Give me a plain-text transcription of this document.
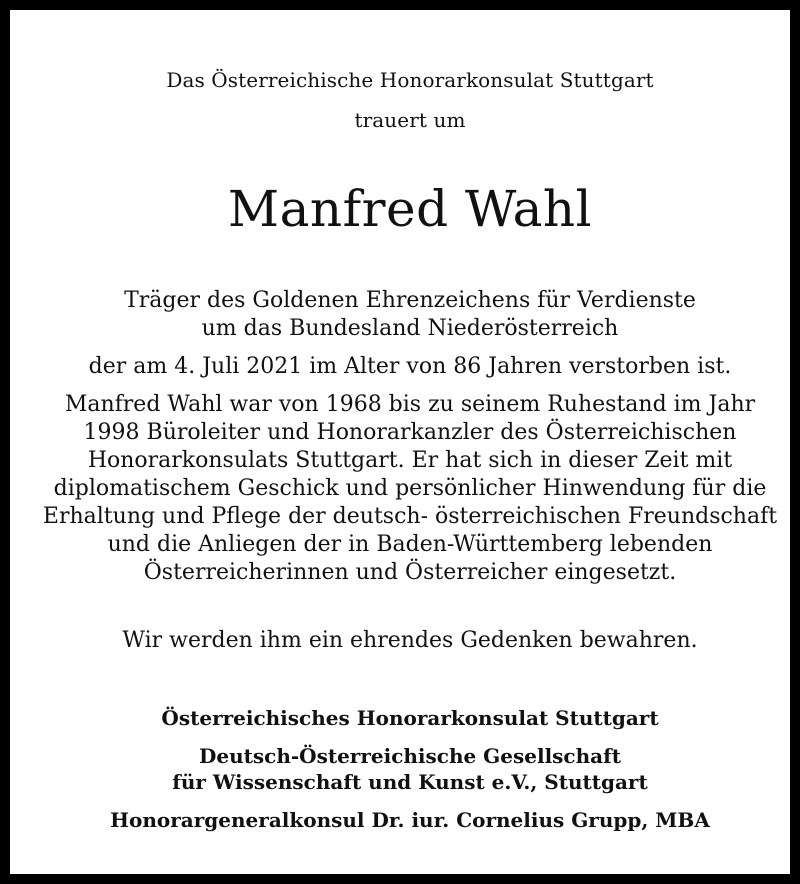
Das Österreichische Honorarkonsulat Stuttgart
trauert um
Manfred Wahl
Träger des Goldenen Ehrenzeichens für Verdienste
um das Bundesland Niederösterreich
der am 4. Juli 2021 im Alter von 86 Jahren verstorben ist.
Manfred Wahl war von 1968 bis zu seinem Ruhestand im Jahr
1998 Büroleiter und Honorarkanzler des Österreichischen
Honorarkonsulats Stuttgart. Er hat sich in dieser Zeit mit
diplomatischem Geschick und persönlicher Hinwendung für die
Erhaltung und Pflege der deutsch- österreichischen Freundschaft
und die Anliegen der in Baden-Württemberg lebenden
Österreicherinnen und Österreicher eingesetzt.
Wir werden ihm ein ehrendes Gedenken bewahren.
Österreichisches Honorarkonsulat Stuttgart
Deutsch-Österreichische Gesellschaft
für Wissenschaft und Kunst e.V., Stuttgart
Honorargeneralkonsul Dr. iur. Cornelius Grupp, MBA
